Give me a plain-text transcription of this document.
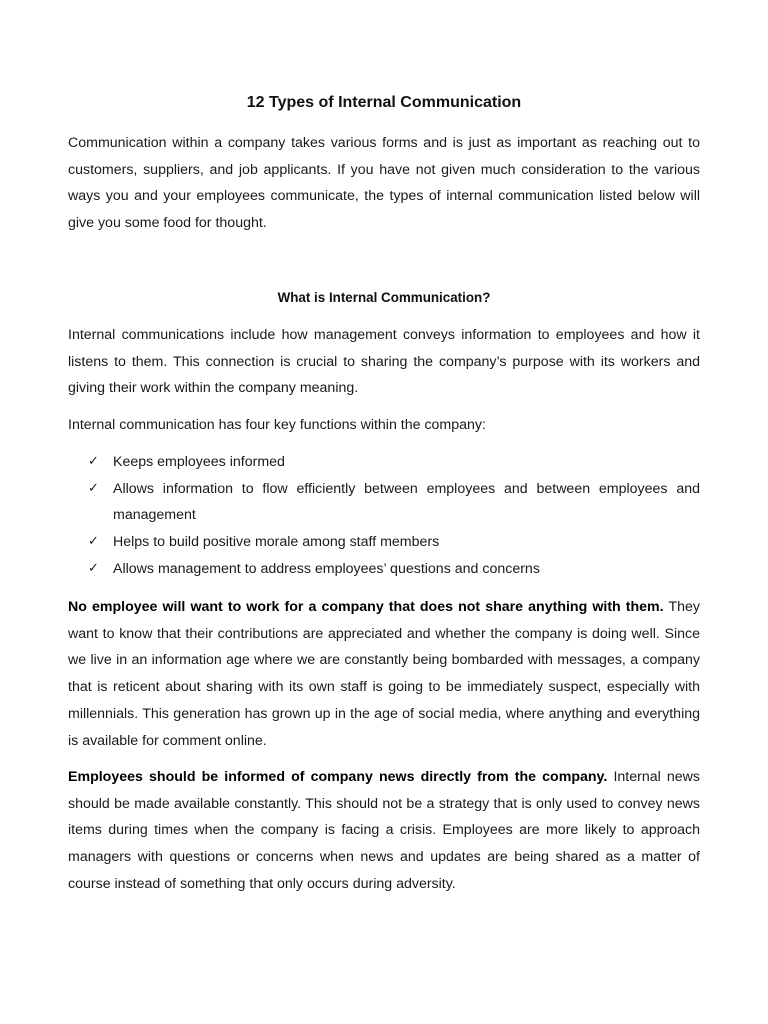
12 Types of Internal Communication

Communication within a company takes various forms and is just as important as reaching out to customers, suppliers, and job applicants. If you have not given much consideration to the various ways you and your employees communicate, the types of internal communication listed below will give you some food for thought.

What is Internal Communication?

Internal communications include how management conveys information to employees and how it listens to them. This connection is crucial to sharing the company’s purpose with its workers and giving their work within the company meaning.

Internal communication has four key functions within the company:

✓ Keeps employees informed
✓ Allows information to flow efficiently between employees and between employees and management
✓ Helps to build positive morale among staff members
✓ Allows management to address employees’ questions and concerns

No employee will want to work for a company that does not share anything with them. They want to know that their contributions are appreciated and whether the company is doing well. Since we live in an information age where we are constantly being bombarded with messages, a company that is reticent about sharing with its own staff is going to be immediately suspect, especially with millennials. This generation has grown up in the age of social media, where anything and everything is available for comment online.

Employees should be informed of company news directly from the company. Internal news should be made available constantly. This should not be a strategy that is only used to convey news items during times when the company is facing a crisis. Employees are more likely to approach managers with questions or concerns when news and updates are being shared as a matter of course instead of something that only occurs during adversity.
